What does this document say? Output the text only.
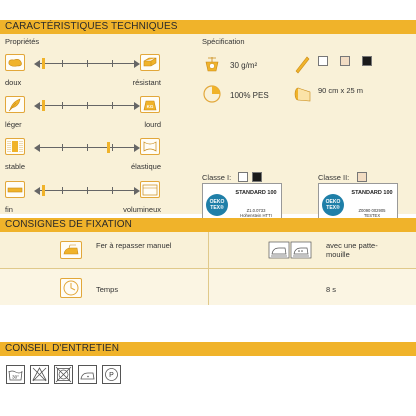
CARACTÉRISTIQUES TECHNIQUES
Propriétés
doux	résistant
KG
léger	lourd
stable	élastique
fin	volumineux
Spécification
30 g/m²
100% PES
90 cm x 25 m
Classe I:
OEKO TEX®
STANDARD 100
Z1.0.0733
Hohenstein HTTI
Classe II:
OEKO TEX®
STANDARD 100
Z0090 002905
TESTEX
CONSIGNES DE FIXATION
Fer à repasser manuel	avec une patte-mouille
Temps	8 s
CONSEIL D'ENTRETIEN
30°	P
